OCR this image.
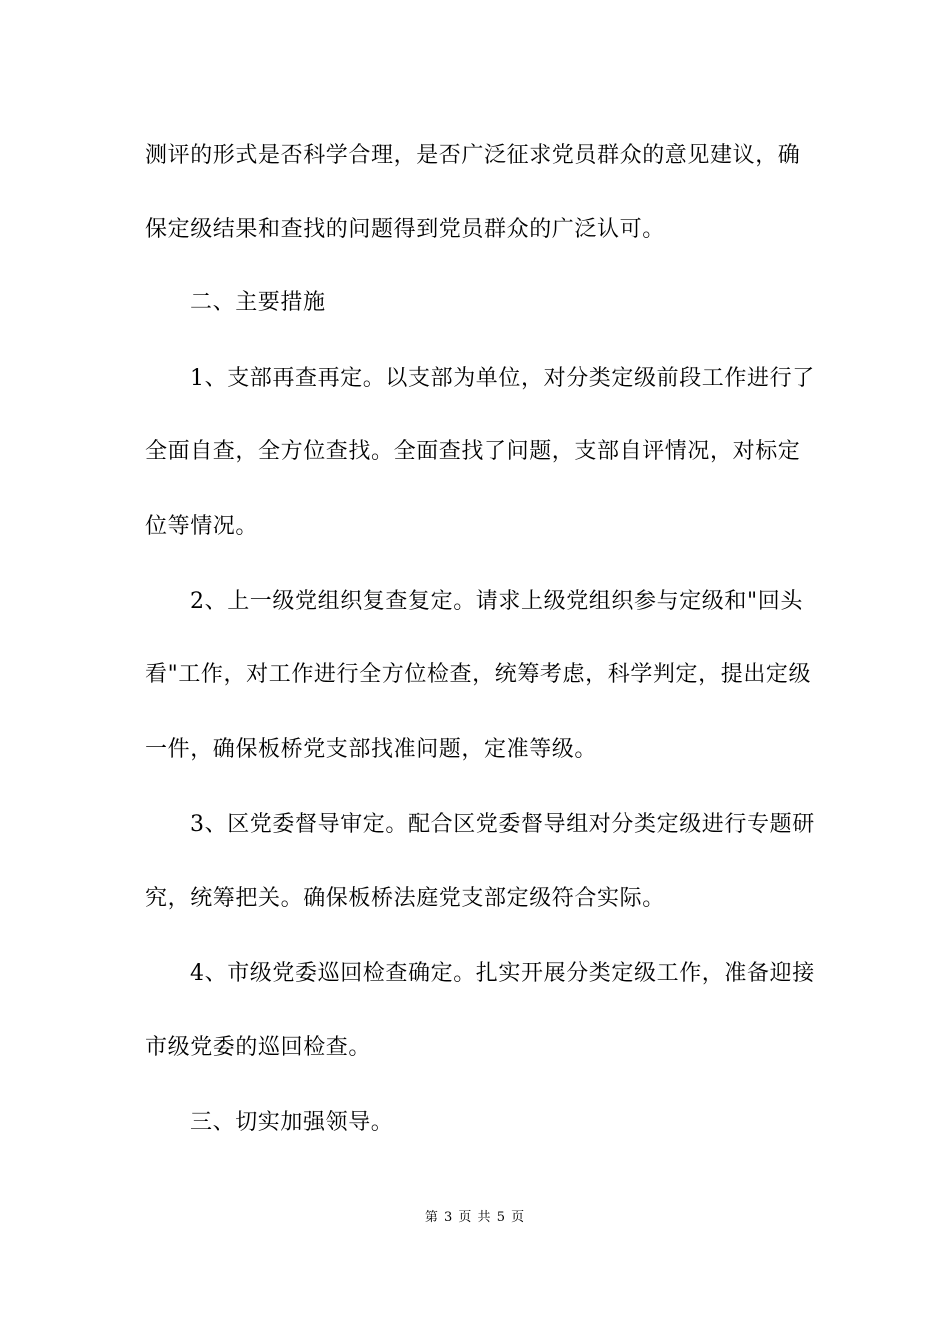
测评的形式是否科学合理，是否广泛征求党员群众的意见建议，确
保定级结果和查找的问题得到党员群众的广泛认可。
二、主要措施
1、支部再查再定。以支部为单位，对分类定级前段工作进行了
全面自查，全方位查找。全面查找了问题，支部自评情况，对标定
位等情况。
2、上一级党组织复查复定。请求上级党组织参与定级和"回头
看"工作，对工作进行全方位检查，统筹考虑，科学判定，提出定级
一件，确保板桥党支部找准问题，定准等级。
3、区党委督导审定。配合区党委督导组对分类定级进行专题研
究，统筹把关。确保板桥法庭党支部定级符合实际。
4、市级党委巡回检查确定。扎实开展分类定级工作，准备迎接
市级党委的巡回检查。
三、切实加强领导。
第 3 页 共 5 页
